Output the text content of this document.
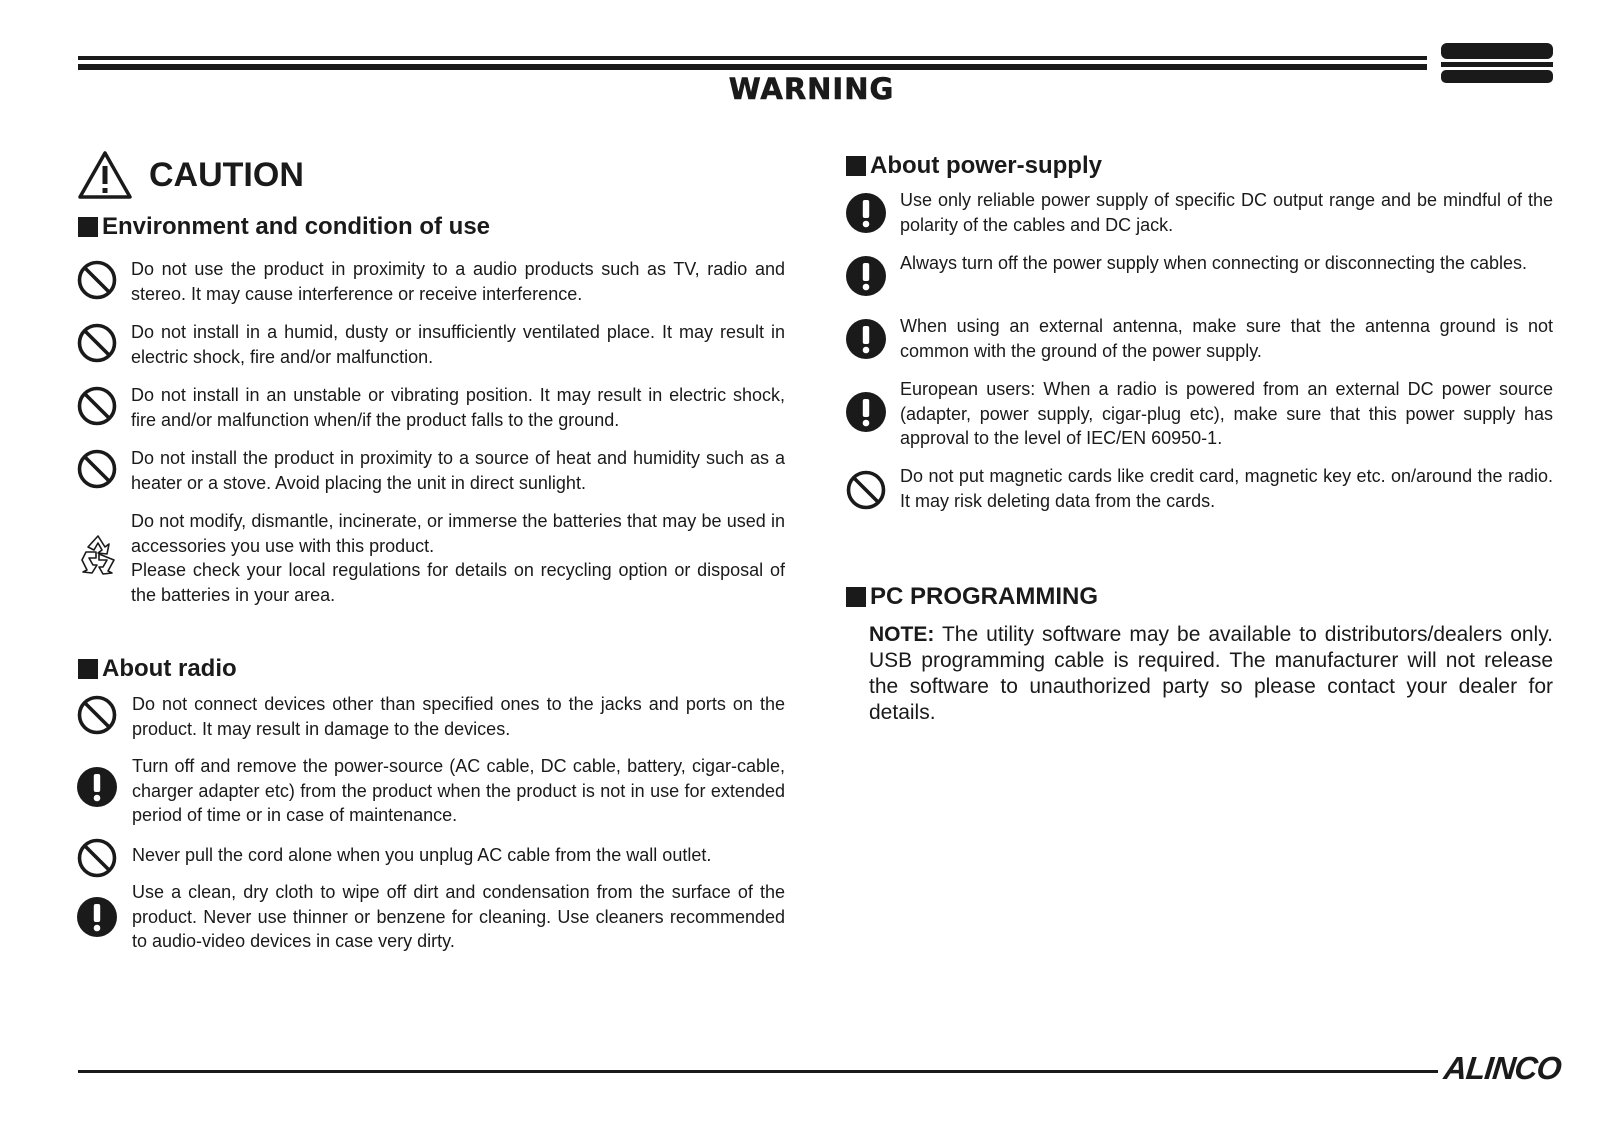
WARNING
CAUTION
Environment and condition of use
Do not use the product in proximity to a audio products such as TV, radio and stereo. It may cause interference or receive interference.
Do not install in a humid, dusty or insufficiently ventilated place. It may result in electric shock, fire and/or malfunction.
Do not install in an unstable or vibrating position. It may result in electric shock, fire and/or malfunction when/if the product falls to the ground.
Do not install the product in proximity to a source of heat and humidity such as a heater or a stove. Avoid placing the unit in direct sunlight.
Do not modify, dismantle, incinerate, or immerse the batteries that may be used in accessories you use with this product.
Please check your local regulations for details on recycling option or disposal of the batteries in your area.
About radio
Do not connect devices other than specified ones to the jacks and ports on the product. It may result in damage to the devices.
Turn off and remove the power-source (AC cable, DC cable, battery, cigar-cable, charger adapter etc) from the product when the product is not in use for extended period of time or in case of maintenance.
Never pull the cord alone when you unplug AC cable from the wall outlet.
Use a clean, dry cloth to wipe off dirt and condensation from the surface of the product. Never use thinner or benzene for cleaning. Use cleaners recommended to audio-video devices in case very dirty.
About power-supply
Use only reliable power supply of specific DC output range and be mindful of the polarity of the cables and DC jack.
Always turn off the power supply when connecting or disconnecting the cables.
When using an external antenna, make sure that the antenna ground is not common with the ground of the power supply.
European users: When a radio is powered from an external DC power source (adapter, power supply, cigar-plug etc), make sure that this power supply has approval to the level of IEC/EN 60950-1.
Do not put magnetic cards like credit card, magnetic key etc. on/around the radio. It may risk deleting data from the cards.
PC PROGRAMMING
NOTE: The utility software may be available to distributors/dealers only. USB programming cable is required. The manufacturer will not release the software to unauthorized party so please contact your dealer for details.
ALINCO
